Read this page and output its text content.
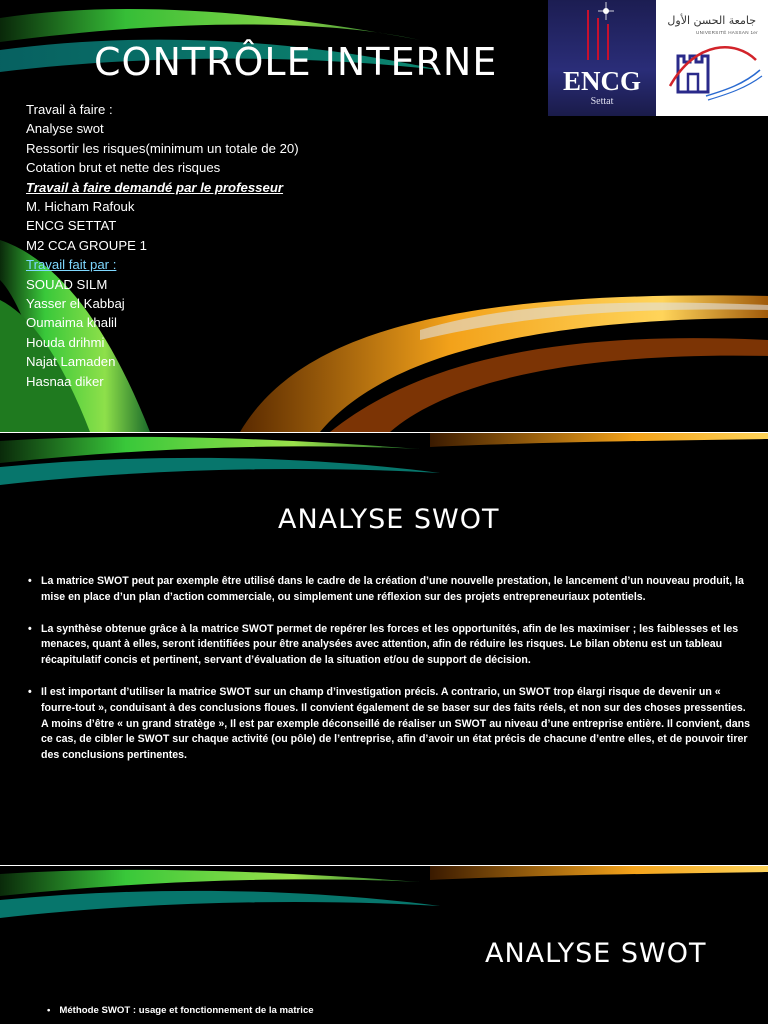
CONTRÔLE INTERNE	ENCG
Settat
جامعة الحسن الأول
UNIVERSITÉ HASSAN 1er
Travail à faire :
Analyse swot
Ressortir les risques(minimum un totale de 20)
Cotation brut et nette des risques
Travail à faire demandé par le professeur
M. Hicham Rafouk
ENCG SETTAT
M2 CCA GROUPE 1
Travail fait par :
SOUAD SILM
Yasser el Kabbaj
Oumaima khalil
Houda drihmi
Najat Lamaden
Hasnaa diker
ANALYSE SWOT
• La matrice SWOT peut par exemple être utilisé dans le cadre de la création d’une nouvelle prestation, le lancement d’un nouveau produit, la mise en place d’un plan d’action commerciale, ou simplement une réflexion sur des projets entrepreneuriaux potentiels.
• La synthèse obtenue grâce à la matrice SWOT permet de repérer les forces et les opportunités, afin de les maximiser ; les faiblesses et les menaces, quant à elles, seront identifiées pour être analysées avec attention, afin de réduire les risques. Le bilan obtenu est un tableau récapitulatif concis et pertinent, servant d’évaluation de la situation et/ou de support de décision.
• Il est important d’utiliser la matrice SWOT sur un champ d’investigation précis. A contrario, un SWOT trop élargi risque de devenir un « fourre-tout », conduisant à des conclusions floues. Il convient également de se baser sur des faits réels, et non sur des choses pressenties.
A moins d’être « un grand stratège », Il est par exemple déconseillé de réaliser un SWOT au niveau d’une entreprise entière. Il convient, dans ce cas, de cibler le SWOT sur chaque activité (ou pôle) de l’entreprise, afin d’avoir un état précis de chacune d’entre elles, et de pouvoir tirer des conclusions pertinentes.
ANALYSE SWOT
• Méthode SWOT : usage et fonctionnement de la matrice
